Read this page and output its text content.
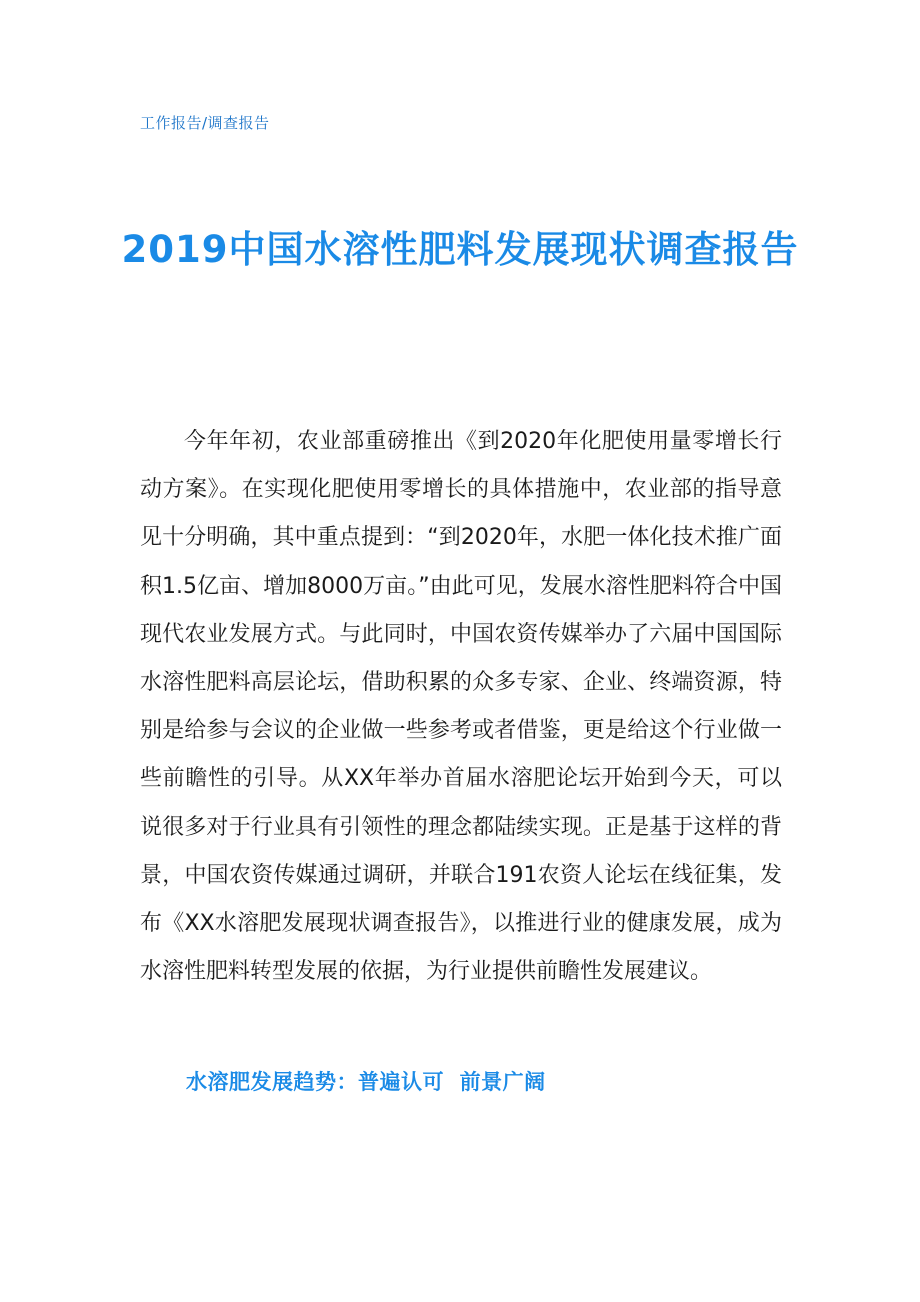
工作报告/调查报告
2019中国水溶性肥料发展现状调查报告
今年年初，农业部重磅推出《到2020年化肥使用量零增长行动方案》。在实现化肥使用零增长的具体措施中，农业部的指导意见十分明确，其中重点提到：“到2020年，水肥一体化技术推广面积1.5亿亩、增加8000万亩。”由此可见，发展水溶性肥料符合中国现代农业发展方式。与此同时，中国农资传媒举办了六届中国国际水溶性肥料高层论坛，借助积累的众多专家、企业、终端资源，特别是给参与会议的企业做一些参考或者借鉴，更是给这个行业做一些前瞻性的引导。从XX年举办首届水溶肥论坛开始到今天，可以说很多对于行业具有引领性的理念都陆续实现。正是基于这样的背景，中国农资传媒通过调研，并联合191农资人论坛在线征集，发布《XX水溶肥发展现状调查报告》，以推进行业的健康发展，成为水溶性肥料转型发展的依据，为行业提供前瞻性发展建议。
水溶肥发展趋势：普遍认可  前景广阔
